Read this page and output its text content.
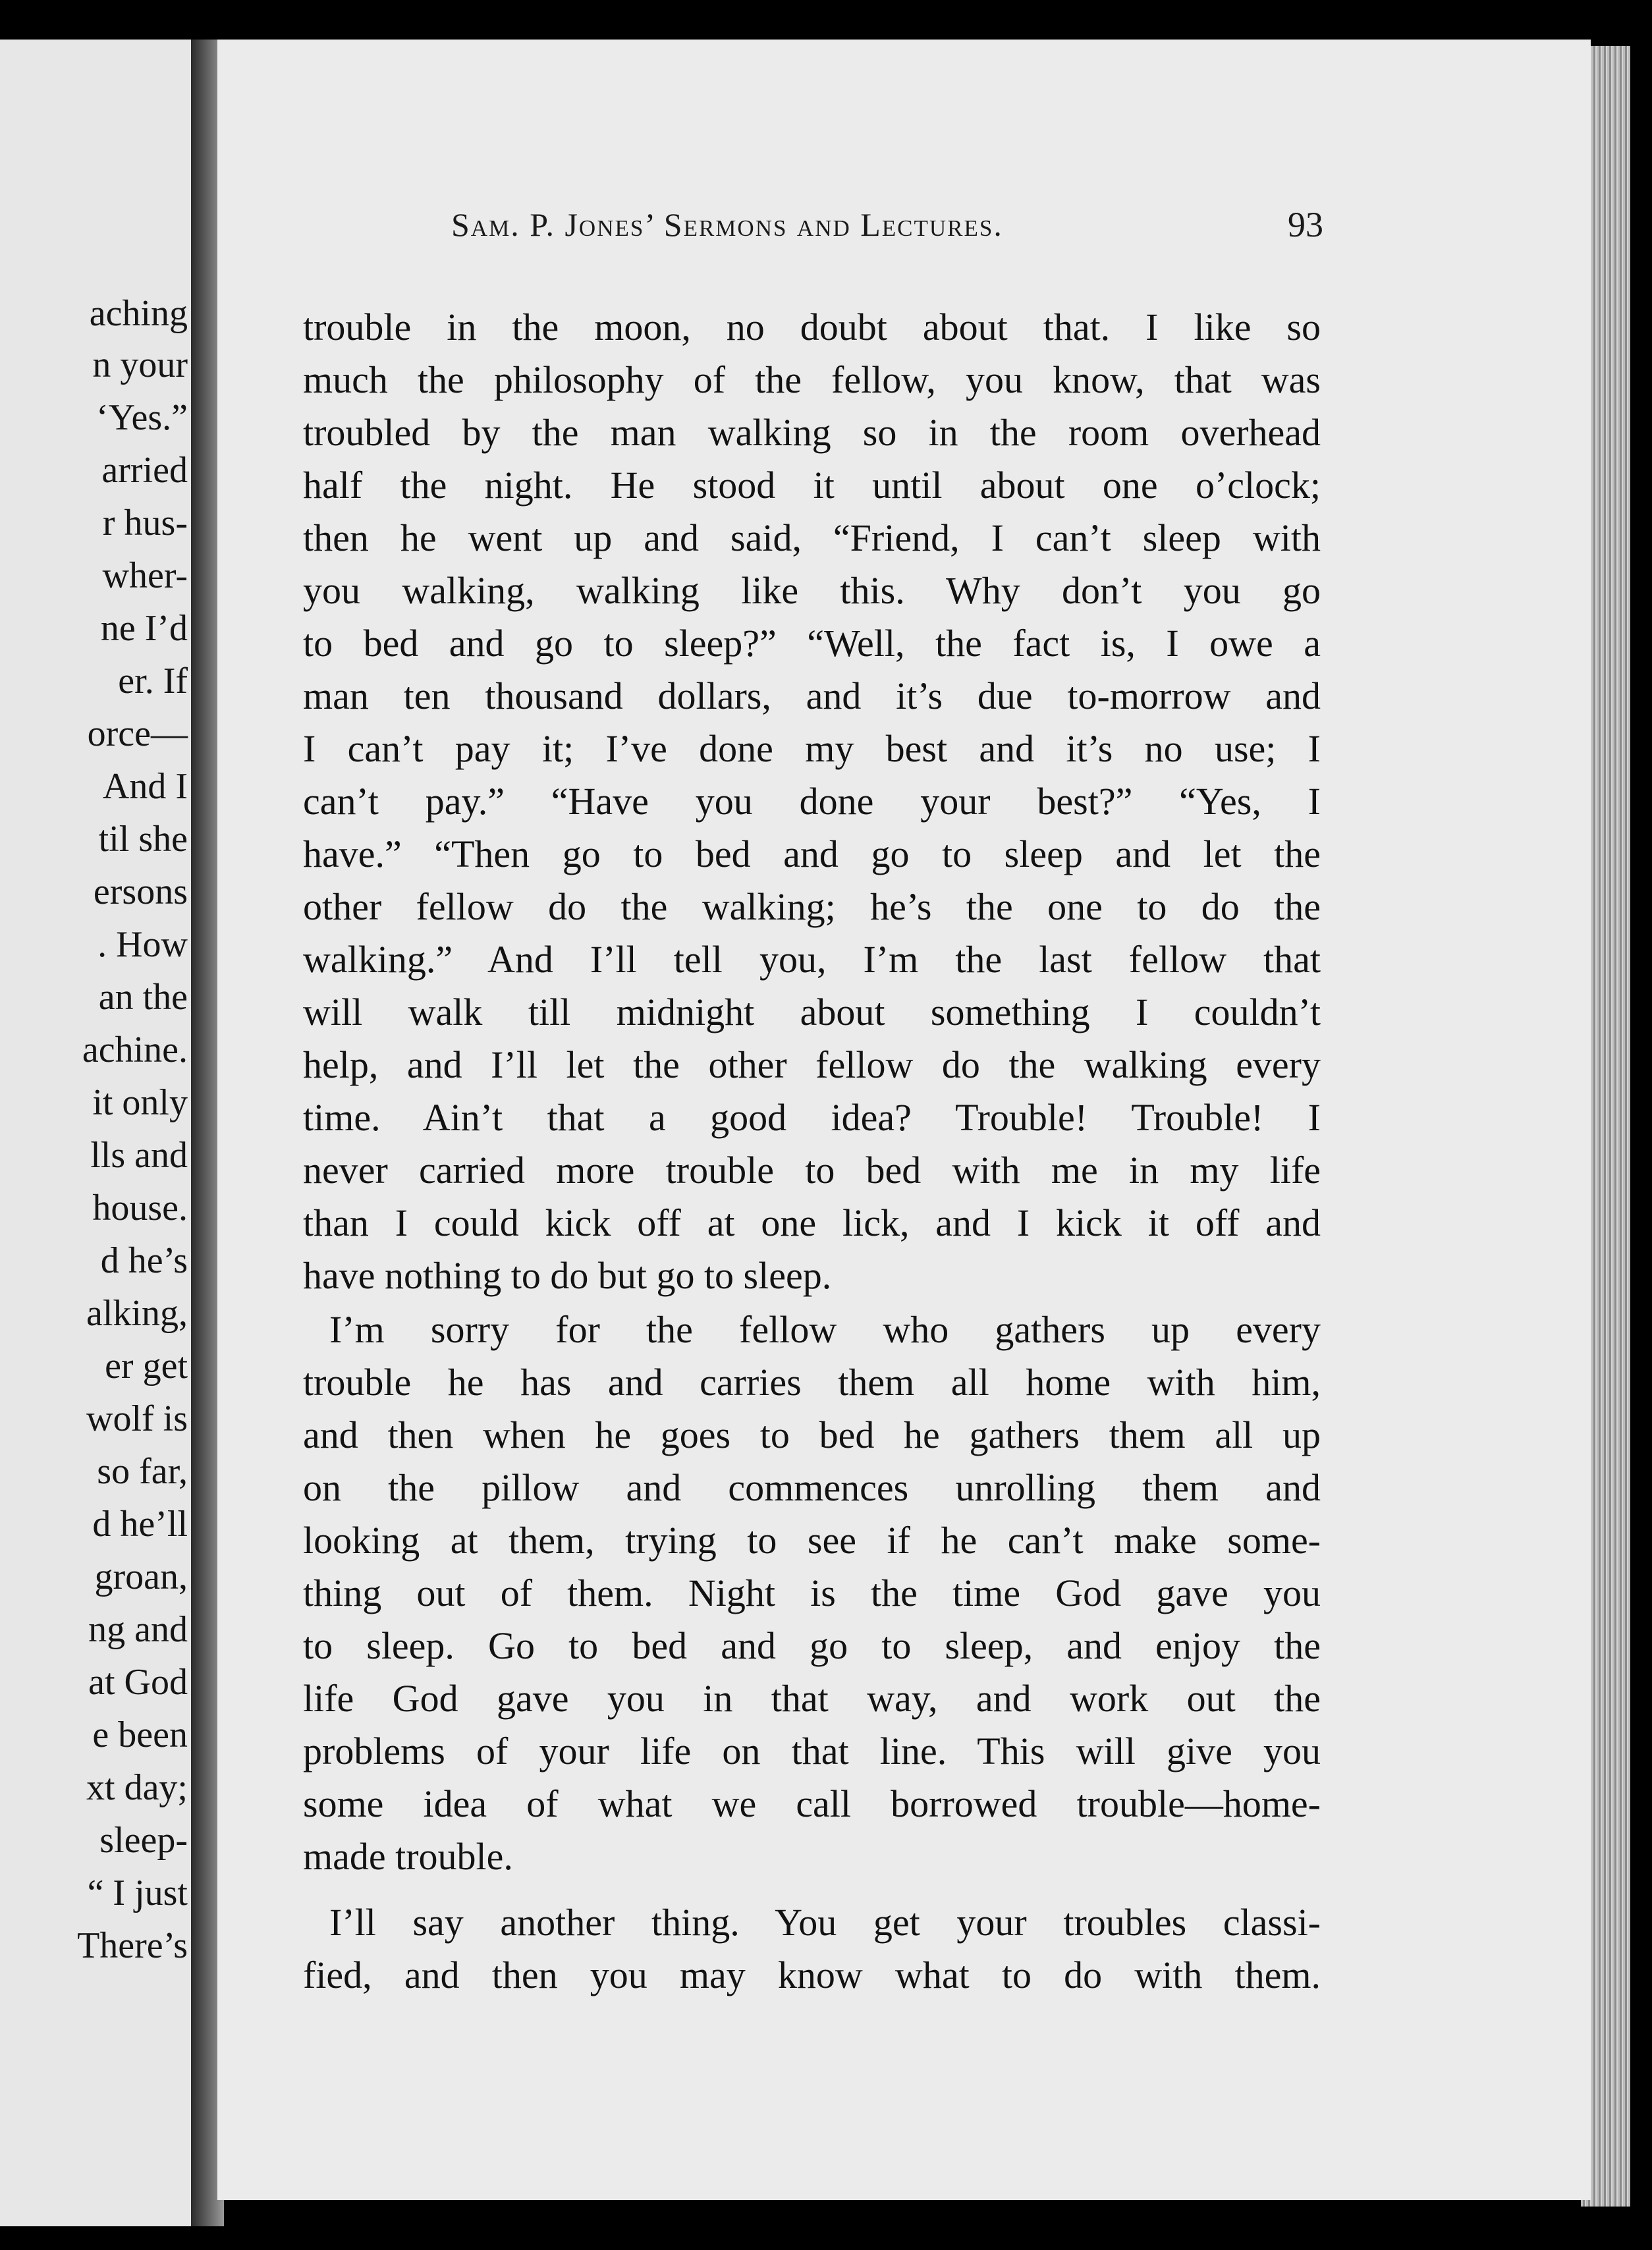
aching
n your
‘Yes.”
arried
r hus-
wher-
ne I’d
er. If
orce—
And I
til she
ersons
. How
an the
achine.
it only
lls and
house.
d he’s
alking,
er get
wolf is
so far,
d he’ll
groan,
ng and
at God
e been
xt day;
sleep-
“ I just
There’s
Sam. P. Jones’ Sermons and Lectures.	93
trouble in the moon, no doubt about that. I like so
much the philosophy of the fellow, you know, that was
troubled by the man walking so in the room overhead
half the night. He stood it until about one o’clock;
then he went up and said, “Friend, I can’t sleep with
you walking, walking like this. Why don’t you go
to bed and go to sleep?” “Well, the fact is, I owe a
man ten thousand dollars, and it’s due to-morrow and
I can’t pay it; I’ve done my best and it’s no use; I
can’t pay.” “Have you done your best?” “Yes, I
have.” “Then go to bed and go to sleep and let the
other fellow do the walking; he’s the one to do the
walking.” And I’ll tell you, I’m the last fellow that
will walk till midnight about something I couldn’t
help, and I’ll let the other fellow do the walking every
time. Ain’t that a good idea? Trouble! Trouble! I
never carried more trouble to bed with me in my life
than I could kick off at one lick, and I kick it off and
have nothing to do but go to sleep.
I’m sorry for the fellow who gathers up every
trouble he has and carries them all home with him,
and then when he goes to bed he gathers them all up
on the pillow and commences unrolling them and
looking at them, trying to see if he can’t make some-
thing out of them. Night is the time God gave you
to sleep. Go to bed and go to sleep, and enjoy the
life God gave you in that way, and work out the
problems of your life on that line. This will give you
some idea of what we call borrowed trouble—home-
made trouble.
I’ll say another thing. You get your troubles classi-
fied, and then you may know what to do with them.
